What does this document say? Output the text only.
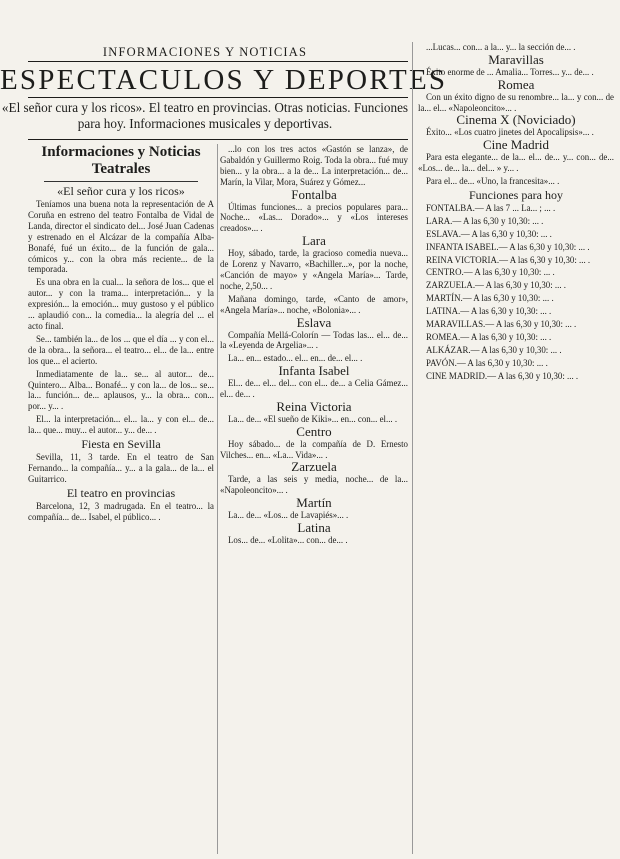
INFORMACIONES Y NOTICIAS
ESPECTACULOS Y DEPORTES
«El señor cura y los ricos». El teatro en provincias. Otras noticias. Funciones para hoy. Informaciones musicales y deportivas.
Informaciones y Noticias Teatrales
«El señor cura y los ricos»

Teníamos una buena nota la representación de A Coruña en estreno del teatro Fontalba de Vidal de Landa, director el sindicato del... José Juan Cadenas y estrenado en el Alcázar de la compañía Alba-Bonafé, fué un éxito... de la función de gala... cómicos y... con la obra más reciente... de la temporada.

Es una obra en la cual... la señora de los... que el autor... y con la trama... interpretación... y la expresión... la emoción... muy gustoso y el público ... aplaudió con... la comedia... la alegría del ... el acto final.

Se... también la... de los ... que el día ... y con el... de la obra... la señora... el teatro... el... de la... entre los que... el acierto.

Inmediatamente de la... se... al autor... de... Quintero... Alba... Bonafé... y con la... de los... se... la... función... de... aplausos, y... la obra... con... por... y... .

El... la interpretación... el... la... y con el... de... la... que... muy... el autor... y... de... .

Fiesta en Sevilla

Sevilla, 11, 3 tarde. En el teatro de San Fernando... la compañía... y... a la gala... de la... el Guitarrico.

El teatro en provincias

Barcelona, 12, 3 madrugada. En el teatro... la compañía... de... Isabel, el público... .

...lo con los tres actos «Gastón se lanza», de Gabaldón y Guillermo Roig. Toda la obra... fué muy bien... y la obra... a la de... La interpretación... de... Marín, la Vilar, Mora, Suárez y Gómez...

Fontalba

Últimas funciones... a precios populares para... Noche... «Las... Dorado»... y «Los intereses creados»... .

Lara

Hoy, sábado, tarde, la gracioso comedia nueva... de Lorenz y Navarro, «Bachiller...», por la noche, «Canción de mayo» y «Angela María»... Tarde, noche, 2,50... .

Mañana domingo, tarde, «Canto de amor», «Angela María»... noche, «Bolonia»... .

Eslava

Compañía Mellá-Colorín — Todas las... el... de... la «Leyenda de Argelia»... .

La... en... estado... el... en... de... el... .

Infanta Isabel

El... de... el... del... con el... de... a Celia Gámez... el... de... .

Reina Victoria

La... de... «El sueño de Kiki»... en... con... el... .

Centro

Hoy sábado... de la compañía de D. Ernesto Vilches... en... «La... Vida»... .

Zarzuela

Tarde, a las seis y media, noche... de la... «Napoleoncito»... .

Martín

La... de... «Los... de Lavapiés»... .

Latina

Los... de... «Lolita»... con... de... .

...Lucas... con... a la... y... la sección de... .

Maravillas

Éxito enorme de ... Amalia... Torres... y... de... .

Romea

Con un éxito digno de su renombre... la... y con... de la... el... «Napoleoncito»... .

Cinema X (Noviciado)

Éxito... «Los cuatro jinetes del Apocalipsis»... .

Cine Madrid

Para esta elegante... de la... el... de... y... con... de... «Los... de... la... del... » y... .

Para el... de... «Uno, la francesita»... .

Funciones para hoy

FONTALBA.— A las 7 ... La... ; ... .

LARA.— A las 6,30 y 10,30: ... .

ESLAVA.— A las 6,30 y 10,30: ... .

INFANTA ISABEL.— A las 6,30 y 10,30: ... .

REINA VICTORIA.— A las 6,30 y 10,30: ... .

CENTRO.— A las 6,30 y 10,30: ... .

ZARZUELA.— A las 6,30 y 10,30: ... .

MARTÍN.— A las 6,30 y 10,30: ... .

LATINA.— A las 6,30 y 10,30: ... .

MARAVILLAS.— A las 6,30 y 10,30: ... .

ROMEA.— A las 6,30 y 10,30: ... .

ALKÁZAR.— A las 6,30 y 10,30: ... .

PAVÓN.— A las 6,30 y 10,30: ... .

CINE MADRID.— A las 6,30 y 10,30: ... .
